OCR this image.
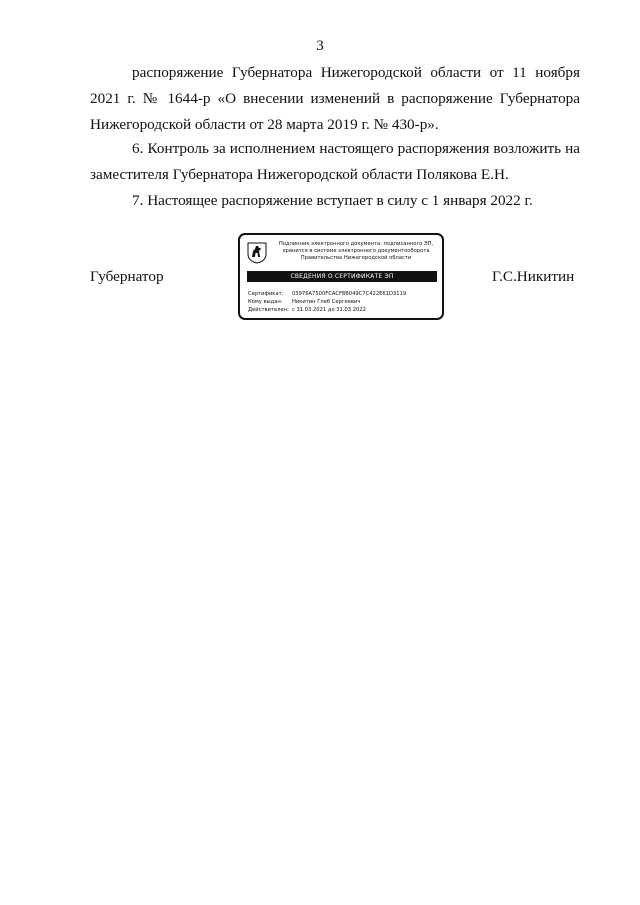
3
распоряжение Губернатора Нижегородской области от 11 ноября 2021 г. № 1644-р «О внесении изменений в распоряжение Губернатора Нижегородской области от 28 марта 2019 г. № 430-р».
6. Контроль за исполнением настоящего распоряжения возложить на заместителя Губернатора Нижегородской области Полякова Е.Н.
7. Настоящее распоряжение вступает в силу с 1 января 2022 г.
Губернатор	Г.С.Никитин
Подлинник электронного документа, подписанного ЭП,
хранится в системе электронного документооборота
Правительства Нижегородской области
СВЕДЕНИЯ О СЕРТИФИКАТЕ ЭП
Сертификат: 03976A7500FCACF8B049C7C422E61D3119
Кому выдан: Никитин Глеб Сергеевич
Действителен: с 31.03.2021 до 31.03.2022
